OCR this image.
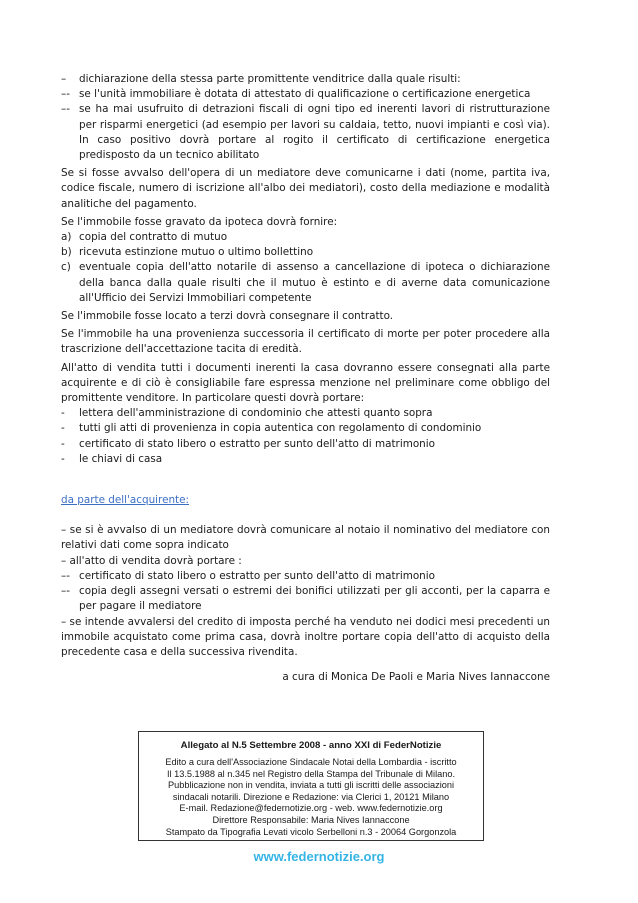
– dichiarazione della stessa parte promittente venditrice dalla quale risulti:
–- se l'unità immobiliare è dotata di attestato di qualificazione o certificazione energetica
–- se ha mai usufruito di detrazioni fiscali di ogni tipo ed inerenti lavori di ristrutturazione per risparmi energetici (ad esempio per lavori su caldaia, tetto, nuovi impianti e così via). In caso positivo dovrà portare al rogito il certificato di certificazione energetica predisposto da un tecnico abilitato

Se si fosse avvalso dell'opera di un mediatore deve comunicarne i dati (nome, partita iva, codice fiscale, numero di iscrizione all'albo dei mediatori), costo della mediazione e modalità analitiche del pagamento.

Se l'immobile fosse gravato da ipoteca dovrà fornire:

a) copia del contratto di mutuo
b) ricevuta estinzione mutuo o ultimo bollettino
c) eventuale copia dell'atto notarile di assenso a cancellazione di ipoteca o dichiarazione della banca dalla quale risulti che il mutuo è estinto e di averne data comunicazione all'Ufficio dei Servizi Immobiliari competente

Se l'immobile fosse locato a terzi dovrà consegnare il contratto.

Se l'immobile ha una provenienza successoria il certificato di morte per poter procedere alla trascrizione dell'accettazione tacita di eredità.

All'atto di vendita tutti i documenti inerenti la casa dovranno essere consegnati alla parte acquirente e di ciò è consigliabile fare espressa menzione nel preliminare come obbligo del promittente venditore. In particolare questi dovrà portare:

- lettera dell'amministrazione di condominio che attesti quanto sopra
- tutti gli atti di provenienza in copia autentica con regolamento di condominio
- certificato di stato libero o estratto per sunto dell'atto di matrimonio
- le chiavi di casa

da parte dell'acquirente:

– se si è avvalso di un mediatore dovrà comunicare al notaio il nominativo del mediatore con relativi dati come sopra indicato

– all'atto di vendita dovrà portare :

–- certificato di stato libero o estratto per sunto dell'atto di matrimonio
–- copia degli assegni versati o estremi dei bonifici utilizzati per gli acconti, per la caparra e per pagare il mediatore

– se intende avvalersi del credito di imposta perché ha venduto nei dodici mesi precedenti un immobile acquistato come prima casa, dovrà inoltre portare copia dell'atto di acquisto della precedente casa e della successiva rivendita.

a cura di Monica De Paoli e Maria Nives Iannaccone

Allegato al N.5 Settembre 2008 - anno XXI di FederNotizie
Edito a cura dell'Associazione Sindacale Notai della Lombardia - iscritto
Il 13.5.1988 al n.345 nel Registro della Stampa del Tribunale di Milano.
Pubblicazione non in vendita, inviata a tutti gli iscritti delle associazioni
sindacali notarili. Direzione e Redazione: via Clerici 1, 20121 Milano
E-mail. Redazione@federnotizie.org - web. www.federnotizie.org
Direttore Responsabile: Maria Nives Iannaccone
Stampato da Tipografia Levati vicolo Serbelloni n.3 - 20064 Gorgonzola
www.federnotizie.org
